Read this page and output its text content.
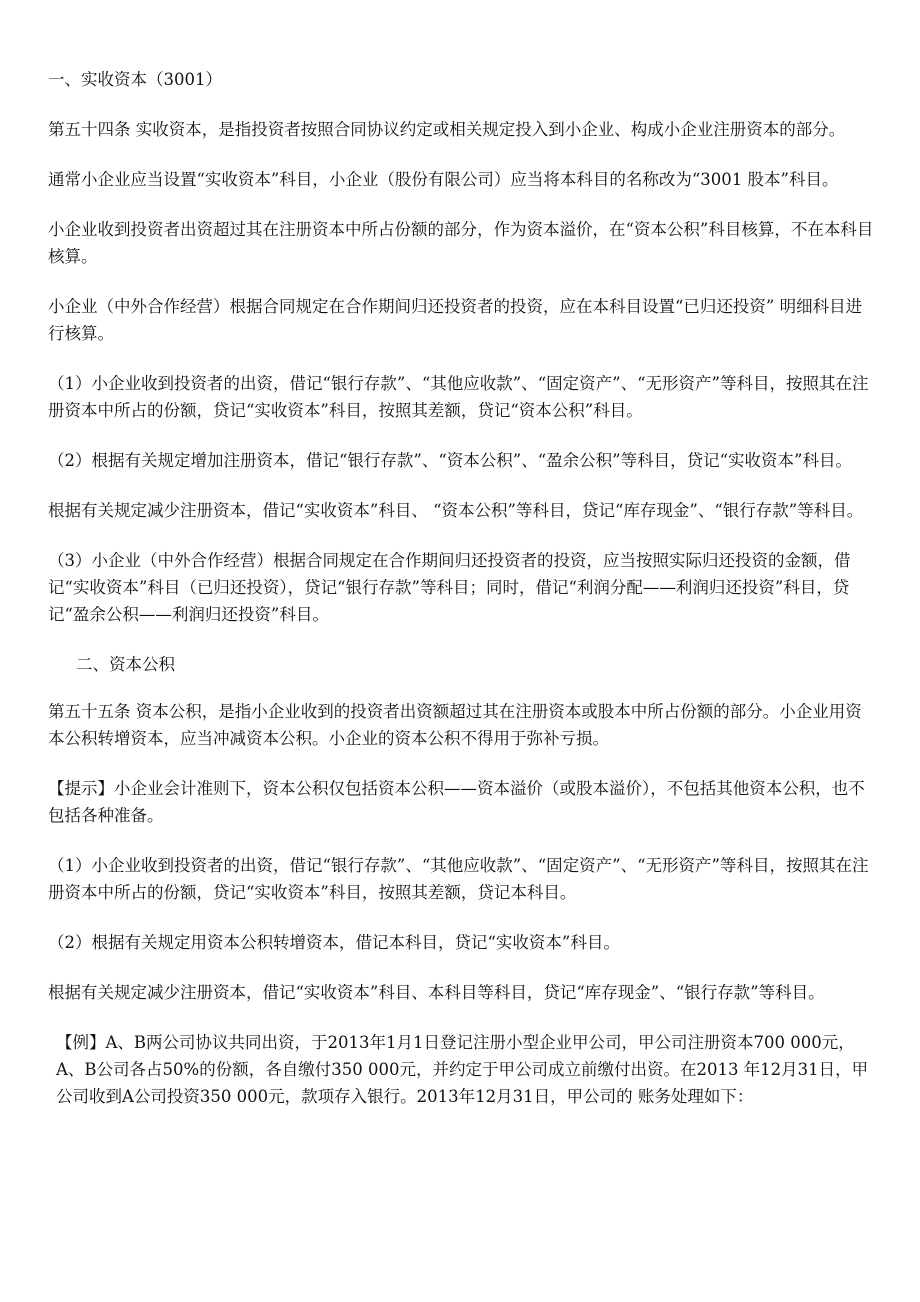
一、实收资本（3001）

第五十四条 实收资本，是指投资者按照合同协议约定或相关规定投入到小企业、构成小企业注册资本的部分。

通常小企业应当设置“实收资本”科目，小企业（股份有限公司）应当将本科目的名称改为“3001 股本”科目。

小企业收到投资者出资超过其在注册资本中所占份额的部分，作为资本溢价，在“资本公积”科目核算，不在本科目核算。

小企业（中外合作经营）根据合同规定在合作期间归还投资者的投资，应在本科目设置“已归还投资” 明细科目进行核算。

（1）小企业收到投资者的出资，借记“银行存款”、“其他应收款”、“固定资产”、“无形资产”等科目，按照其在注册资本中所占的份额，贷记“实收资本”科目，按照其差额，贷记“资本公积”科目。

（2）根据有关规定增加注册资本，借记“银行存款”、“资本公积”、“盈余公积”等科目，贷记“实收资本”科目。

根据有关规定减少注册资本，借记“实收资本”科目、 “资本公积”等科目，贷记“库存现金”、“银行存款”等科目。

（3）小企业（中外合作经营）根据合同规定在合作期间归还投资者的投资，应当按照实际归还投资的金额，借记“实收资本”科目（已归还投资），贷记“银行存款”等科目；同时，借记“利润分配——利润归还投资”科目，贷记“盈余公积——利润归还投资”科目。

二、资本公积

第五十五条 资本公积，是指小企业收到的投资者出资额超过其在注册资本或股本中所占份额的部分。小企业用资本公积转增资本，应当冲减资本公积。小企业的资本公积不得用于弥补亏损。

【提示】小企业会计准则下，资本公积仅包括资本公积——资本溢价（或股本溢价），不包括其他资本公积，也不包括各种准备。

（1）小企业收到投资者的出资，借记“银行存款”、“其他应收款”、“固定资产”、“无形资产”等科目，按照其在注册资本中所占的份额，贷记“实收资本”科目，按照其差额，贷记本科目。

（2）根据有关规定用资本公积转增资本，借记本科目，贷记“实收资本”科目。

根据有关规定减少注册资本，借记“实收资本”科目、本科目等科目，贷记“库存现金”、“银行存款”等科目。

【例】A、B两公司协议共同出资，于2013年1月1日登记注册小型企业甲公司，甲公司注册资本700 000元，A、B公司各占50%的份额，各自缴付350 000元，并约定于甲公司成立前缴付出资。在2013 年12月31日，甲公司收到A公司投资350 000元，款项存入银行。2013年12月31日，甲公司的 账务处理如下：
